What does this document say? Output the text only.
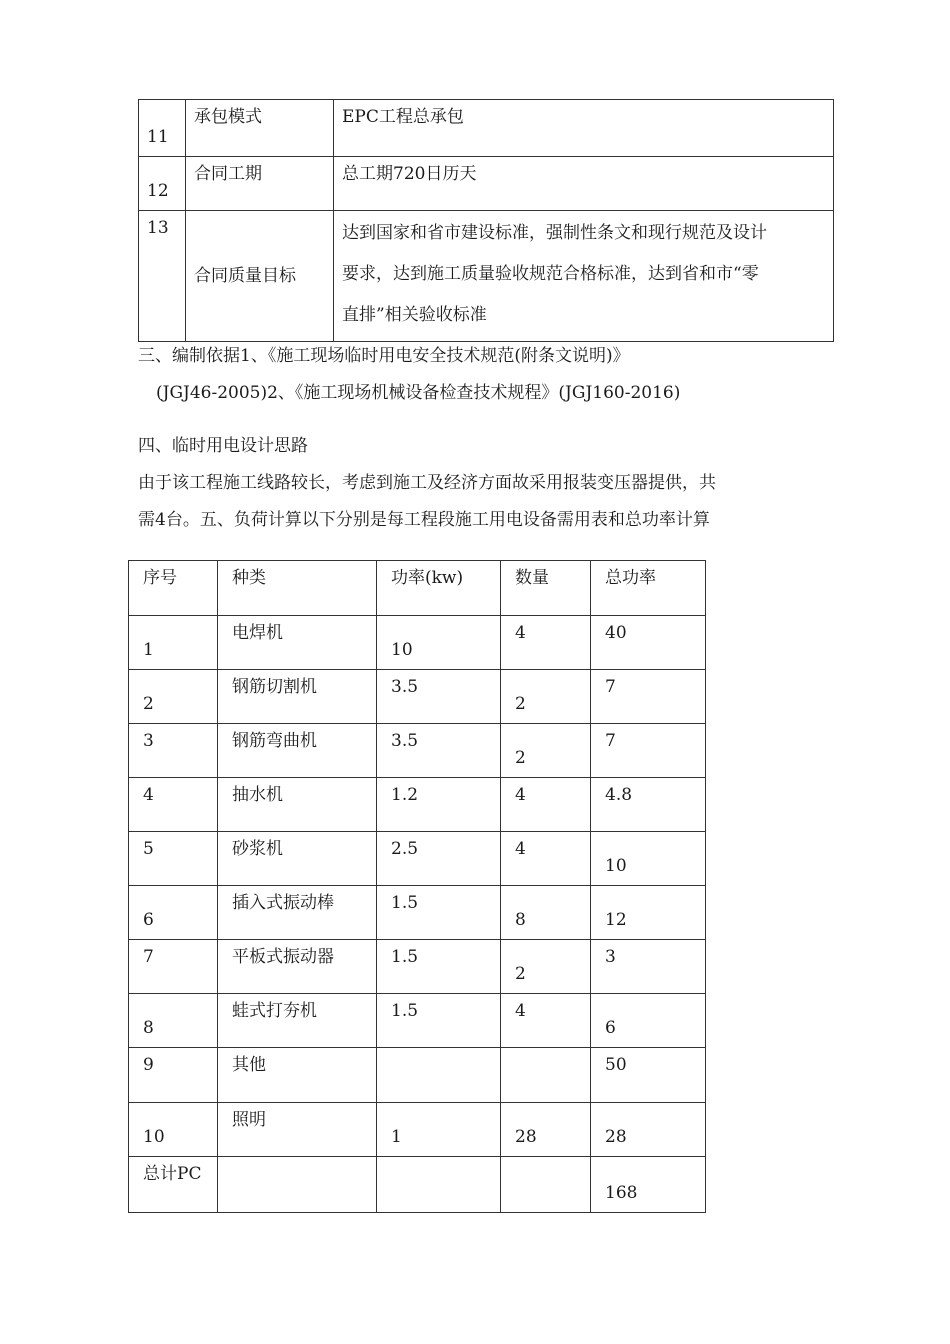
11	承包模式	EPC工程总承包

12	合同工期	总工期720日历天

13	合同质量目标	达到国家和省市建设标准，强制性条文和现行规范及设计
要求，达到施工质量验收规范合格标准，达到省和市“零
直排”相关验收标准
三、编制依据1、《施工现场临时用电安全技术规范(附条文说明)》
(JGJ46-2005)2、《施工现场机械设备检查技术规程》(JGJ160-2016)
四、临时用电设计思路
由于该工程施工线路较长，考虑到施工及经济方面故采用报装变压器提供，共
需4台。五、负荷计算以下分别是每工程段施工用电设备需用表和总功率计算
序号	种类	功率(kw)	数量	总功率

1	电焊机	10	4	40

2	钢筋切割机	3.5	2	7

3	钢筋弯曲机	3.5	2	7

4	抽水机	1.2	4	4.8

5	砂浆机	2.5	4	10

6	插入式振动棒	1.5	8	12

7	平板式振动器	1.5	2	3

8	蛙式打夯机	1.5	4	6

9	其他			50

10	照明	1	28	28

总计PC				168
